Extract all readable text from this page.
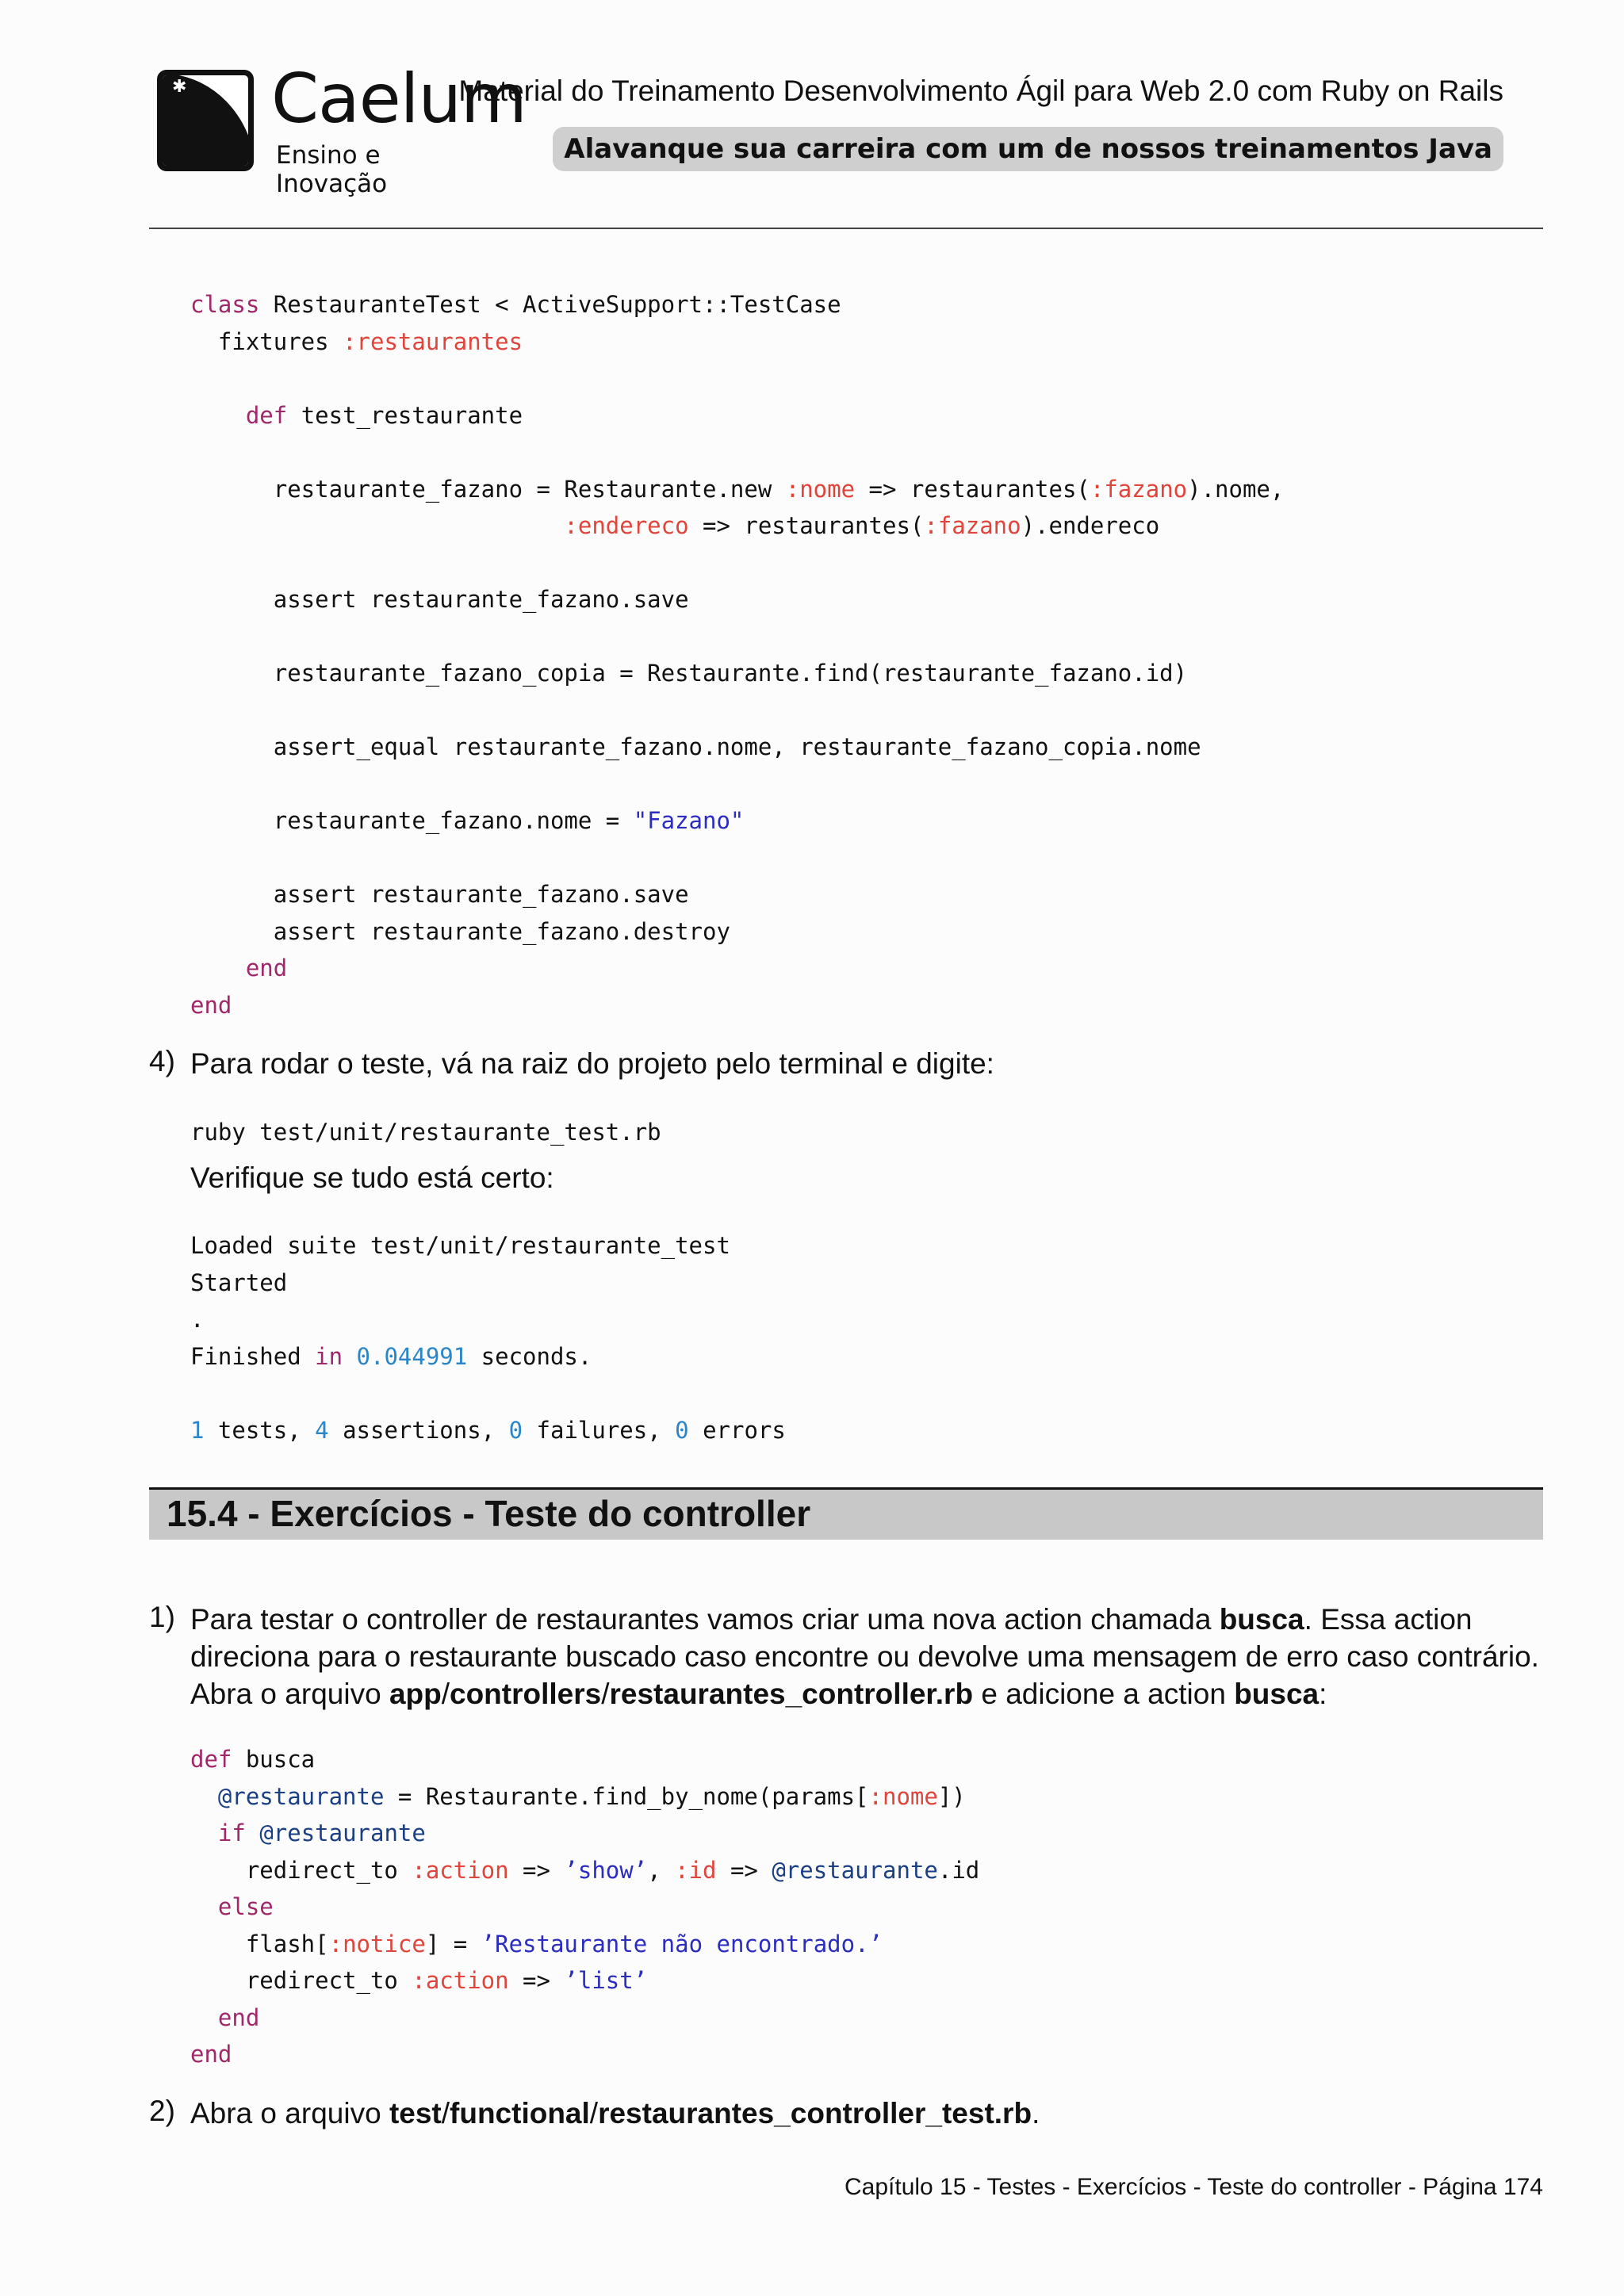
✱ Caelum
Ensino e Inovação
Material do Treinamento Desenvolvimento Ágil para Web 2.0 com Ruby on Rails
Alavanque sua carreira com um de nossos treinamentos Java
class RestauranteTest < ActiveSupport::TestCase
fixtures :restaurantes
def test_restaurante
restaurante_fazano = Restaurante.new :nome => restaurantes(:fazano).nome,
:endereco => restaurantes(:fazano).endereco
assert restaurante_fazano.save
restaurante_fazano_copia = Restaurante.find(restaurante_fazano.id)
assert_equal restaurante_fazano.nome, restaurante_fazano_copia.nome
restaurante_fazano.nome = "Fazano"
assert restaurante_fazano.save
assert restaurante_fazano.destroy
end
end
4) Para rodar o teste, vá na raiz do projeto pelo terminal e digite:
ruby test/unit/restaurante_test.rb
Verifique se tudo está certo:
Loaded suite test/unit/restaurante_test
Started
.
Finished in 0.044991 seconds.
1 tests, 4 assertions, 0 failures, 0 errors
15.4 - Exercícios - Teste do controller
1) Para testar o controller de restaurantes vamos criar uma nova action chamada busca. Essa action direciona para o restaurante buscado caso encontre ou devolve uma mensagem de erro caso contrário. Abra o arquivo app/controllers/restaurantes_controller.rb e adicione a action busca:
def busca
@restaurante = Restaurante.find_by_nome(params[:nome])
if @restaurante
redirect_to :action => ’show’, :id => @restaurante.id
else
flash[:notice] = ’Restaurante não encontrado.’
redirect_to :action => ’list’
end
end
2) Abra o arquivo test/functional/restaurantes_controller_test.rb.
Capítulo 15 - Testes - Exercícios - Teste do controller - Página 174
